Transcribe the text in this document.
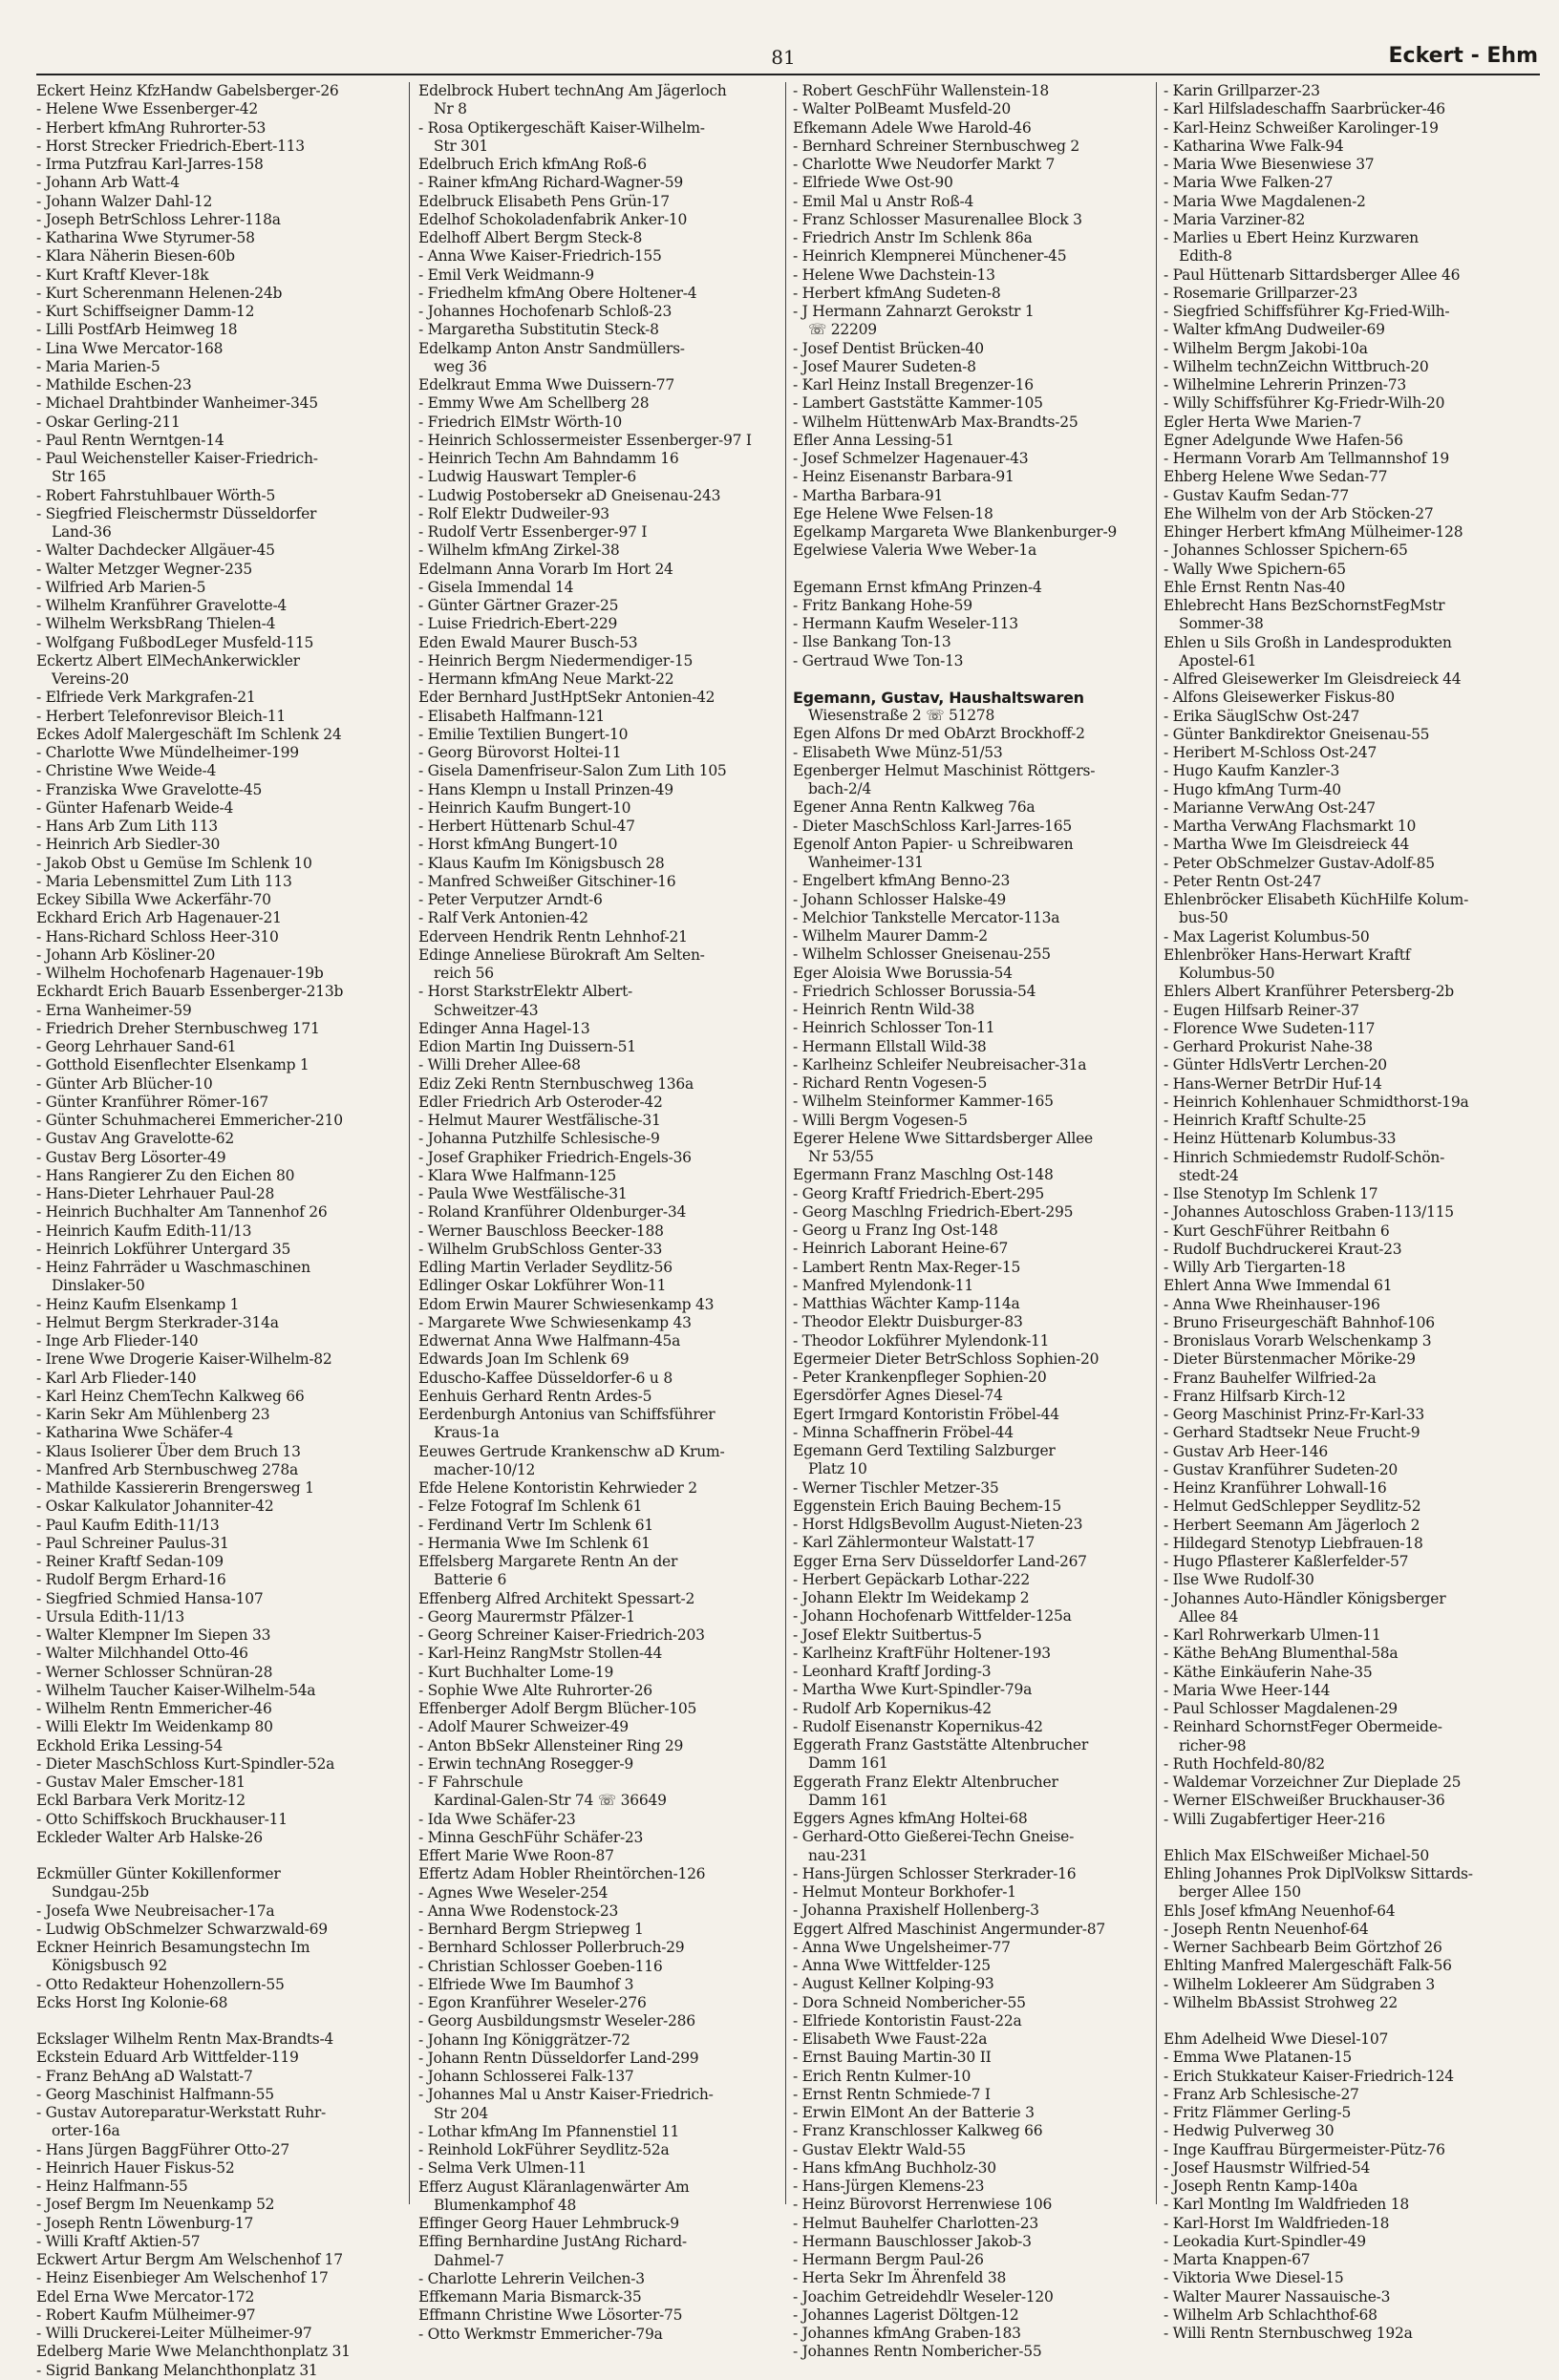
81	Eckert - Ehm
Eckert Heinz KfzHandw Gabelsberger-26
- Helene Wwe Essenberger-42
- Herbert kfmAng Ruhrorter-53
- Horst Strecker Friedrich-Ebert-113
- Irma Putzfrau Karl-Jarres-158
- Johann Arb Watt-4
- Johann Walzer Dahl-12
- Joseph BetrSchloss Lehrer-118a
- Katharina Wwe Styrumer-58
- Klara Näherin Biesen-60b
- Kurt Kraftf Klever-18k
- Kurt Scherenmann Helenen-24b
- Kurt Schiffseigner Damm-12
- Lilli PostfArb Heimweg 18
- Lina Wwe Mercator-168
- Maria Marien-5
- Mathilde Eschen-23
- Michael Drahtbinder Wanheimer-345
- Oskar Gerling-211
- Paul Rentn Werntgen-14
- Paul Weichensteller Kaiser-Friedrich-
Str 165
- Robert Fahrstuhlbauer Wörth-5
- Siegfried Fleischermstr Düsseldorfer
Land-36
- Walter Dachdecker Allgäuer-45
- Walter Metzger Wegner-235
- Wilfried Arb Marien-5
- Wilhelm Kranführer Gravelotte-4
- Wilhelm WerksbRang Thielen-4
- Wolfgang FußbodLeger Musfeld-115
Eckertz Albert ElMechAnkerwickler
Vereins-20
- Elfriede Verk Markgrafen-21
- Herbert Telefonrevisor Bleich-11
Eckes Adolf Malergeschäft Im Schlenk 24
- Charlotte Wwe Mündelheimer-199
- Christine Wwe Weide-4
- Franziska Wwe Gravelotte-45
- Günter Hafenarb Weide-4
- Hans Arb Zum Lith 113
- Heinrich Arb Siedler-30
- Jakob Obst u Gemüse Im Schlenk 10
- Maria Lebensmittel Zum Lith 113
Eckey Sibilla Wwe Ackerfähr-70
Eckhard Erich Arb Hagenauer-21
- Hans-Richard Schloss Heer-310
- Johann Arb Kösliner-20
- Wilhelm Hochofenarb Hagenauer-19b
Eckhardt Erich Bauarb Essenberger-213b
- Erna Wanheimer-59
- Friedrich Dreher Sternbuschweg 171
- Georg Lehrhauer Sand-61
- Gotthold Eisenflechter Elsenkamp 1
- Günter Arb Blücher-10
- Günter Kranführer Römer-167
- Günter Schuhmacherei Emmericher-210
- Gustav Ang Gravelotte-62
- Gustav Berg Lösorter-49
- Hans Rangierer Zu den Eichen 80
- Hans-Dieter Lehrhauer Paul-28
- Heinrich Buchhalter Am Tannenhof 26
- Heinrich Kaufm Edith-11/13
- Heinrich Lokführer Untergard 35
- Heinz Fahrräder u Waschmaschinen
Dinslaker-50
- Heinz Kaufm Elsenkamp 1
- Helmut Bergm Sterkrader-314a
- Inge Arb Flieder-140
- Irene Wwe Drogerie Kaiser-Wilhelm-82
- Karl Arb Flieder-140
- Karl Heinz ChemTechn Kalkweg 66
- Karin Sekr Am Mühlenberg 23
- Katharina Wwe Schäfer-4
- Klaus Isolierer Über dem Bruch 13
- Manfred Arb Sternbuschweg 278a
- Mathilde Kassiererin Brengersweg 1
- Oskar Kalkulator Johanniter-42
- Paul Kaufm Edith-11/13
- Paul Schreiner Paulus-31
- Reiner Kraftf Sedan-109
- Rudolf Bergm Erhard-16
- Siegfried Schmied Hansa-107
- Ursula Edith-11/13
- Walter Klempner Im Siepen 33
- Walter Milchhandel Otto-46
- Werner Schlosser Schnüran-28
- Wilhelm Taucher Kaiser-Wilhelm-54a
- Wilhelm Rentn Emmericher-46
- Willi Elektr Im Weidenkamp 80
Eckhold Erika Lessing-54
- Dieter MaschSchloss Kurt-Spindler-52a
- Gustav Maler Emscher-181
Eckl Barbara Verk Moritz-12
- Otto Schiffskoch Bruckhauser-11
Eckleder Walter Arb Halske-26
Eckmüller Günter Kokillenformer
Sundgau-25b
- Josefa Wwe Neubreisacher-17a
- Ludwig ObSchmelzer Schwarzwald-69
Eckner Heinrich Besamungstechn Im
Königsbusch 92
- Otto Redakteur Hohenzollern-55
Ecks Horst Ing Kolonie-68
Eckslager Wilhelm Rentn Max-Brandts-4
Eckstein Eduard Arb Wittfelder-119
- Franz BehAng aD Walstatt-7
- Georg Maschinist Halfmann-55
- Gustav Autoreparatur-Werkstatt Ruhr-
orter-16a
- Hans Jürgen BaggFührer Otto-27
- Heinrich Hauer Fiskus-52
- Heinz Halfmann-55
- Josef Bergm Im Neuenkamp 52
- Joseph Rentn Löwenburg-17
- Willi Kraftf Aktien-57
Eckwert Artur Bergm Am Welschenhof 17
- Heinz Eisenbieger Am Welschenhof 17
Edel Erna Wwe Mercator-172
- Robert Kaufm Mülheimer-97
- Willi Druckerei-Leiter Mülheimer-97
Edelberg Marie Wwe Melanchthonplatz 31
- Sigrid Bankang Melanchthonplatz 31
Edelbrock Hubert technAng Am Jägerloch
Nr 8
- Rosa Optikergeschäft Kaiser-Wilhelm-
Str 301
Edelbruch Erich kfmAng Roß-6
- Rainer kfmAng Richard-Wagner-59
Edelbruck Elisabeth Pens Grün-17
Edelhof Schokoladenfabrik Anker-10
Edelhoff Albert Bergm Steck-8
- Anna Wwe Kaiser-Friedrich-155
- Emil Verk Weidmann-9
- Friedhelm kfmAng Obere Holtener-4
- Johannes Hochofenarb Schloß-23
- Margaretha Substitutin Steck-8
Edelkamp Anton Anstr Sandmüllers-
weg 36
Edelkraut Emma Wwe Duissern-77
- Emmy Wwe Am Schellberg 28
- Friedrich ElMstr Wörth-10
- Heinrich Schlossermeister Essenberger-97 I
- Heinrich Techn Am Bahndamm 16
- Ludwig Hauswart Templer-6
- Ludwig Postobersekr aD Gneisenau-243
- Rolf Elektr Dudweiler-93
- Rudolf Vertr Essenberger-97 I
- Wilhelm kfmAng Zirkel-38
Edelmann Anna Vorarb Im Hort 24
- Gisela Immendal 14
- Günter Gärtner Grazer-25
- Luise Friedrich-Ebert-229
Eden Ewald Maurer Busch-53
- Heinrich Bergm Niedermendiger-15
- Hermann kfmAng Neue Markt-22
Eder Bernhard JustHptSekr Antonien-42
- Elisabeth Halfmann-121
- Emilie Textilien Bungert-10
- Georg Bürovorst Holtei-11
- Gisela Damenfriseur-Salon Zum Lith 105
- Hans Klempn u Install Prinzen-49
- Heinrich Kaufm Bungert-10
- Herbert Hüttenarb Schul-47
- Horst kfmAng Bungert-10
- Klaus Kaufm Im Königsbusch 28
- Manfred Schweißer Gitschiner-16
- Peter Verputzer Arndt-6
- Ralf Verk Antonien-42
Ederveen Hendrik Rentn Lehnhof-21
Edinge Anneliese Bürokraft Am Selten-
reich 56
- Horst StarkstrElektr Albert-
Schweitzer-43
Edinger Anna Hagel-13
Edion Martin Ing Duissern-51
- Willi Dreher Allee-68
Ediz Zeki Rentn Sternbuschweg 136a
Edler Friedrich Arb Osteroder-42
- Helmut Maurer Westfälische-31
- Johanna Putzhilfe Schlesische-9
- Josef Graphiker Friedrich-Engels-36
- Klara Wwe Halfmann-125
- Paula Wwe Westfälische-31
- Roland Kranführer Oldenburger-34
- Werner Bauschloss Beecker-188
- Wilhelm GrubSchloss Genter-33
Edling Martin Verlader Seydlitz-56
Edlinger Oskar Lokführer Won-11
Edom Erwin Maurer Schwiesenkamp 43
- Margarete Wwe Schwiesenkamp 43
Edwernat Anna Wwe Halfmann-45a
Edwards Joan Im Schlenk 69
Eduscho-Kaffee Düsseldorfer-6 u 8
Eenhuis Gerhard Rentn Ardes-5
Eerdenburgh Antonius van Schiffsführer
Kraus-1a
Eeuwes Gertrude Krankenschw aD Krum-
macher-10/12
Efde Helene Kontoristin Kehrwieder 2
- Felze Fotograf Im Schlenk 61
- Ferdinand Vertr Im Schlenk 61
- Hermania Wwe Im Schlenk 61
Effelsberg Margarete Rentn An der
Batterie 6
Effenberg Alfred Architekt Spessart-2
- Georg Maurermstr Pfälzer-1
- Georg Schreiner Kaiser-Friedrich-203
- Karl-Heinz RangMstr Stollen-44
- Kurt Buchhalter Lome-19
- Sophie Wwe Alte Ruhrorter-26
Effenberger Adolf Bergm Blücher-105
- Adolf Maurer Schweizer-49
- Anton BbSekr Allensteiner Ring 29
- Erwin technAng Rosegger-9
- F Fahrschule
Kardinal-Galen-Str 74 ☏ 36649
- Ida Wwe Schäfer-23
- Minna GeschFühr Schäfer-23
Effert Marie Wwe Roon-87
Effertz Adam Hobler Rheintörchen-126
- Agnes Wwe Weseler-254
- Anna Wwe Rodenstock-23
- Bernhard Bergm Striepweg 1
- Bernhard Schlosser Pollerbruch-29
- Christian Schlosser Goeben-116
- Elfriede Wwe Im Baumhof 3
- Egon Kranführer Weseler-276
- Georg Ausbildungsmstr Weseler-286
- Johann Ing Königgrätzer-72
- Johann Rentn Düsseldorfer Land-299
- Johann Schlosserei Falk-137
- Johannes Mal u Anstr Kaiser-Friedrich-
Str 204
- Lothar kfmAng Im Pfannenstiel 11
- Reinhold LokFührer Seydlitz-52a
- Selma Verk Ulmen-11
Efferz August Kläranlagenwärter Am
Blumenkamphof 48
Effinger Georg Hauer Lehmbruck-9
Effing Bernhardine JustAng Richard-
Dahmel-7
- Charlotte Lehrerin Veilchen-3
Effkemann Maria Bismarck-35
Effmann Christine Wwe Lösorter-75
- Otto Werkmstr Emmericher-79a
- Robert GeschFühr Wallenstein-18
- Walter PolBeamt Musfeld-20
Efkemann Adele Wwe Harold-46
- Bernhard Schreiner Sternbuschweg 2
- Charlotte Wwe Neudorfer Markt 7
- Elfriede Wwe Ost-90
- Emil Mal u Anstr Roß-4
- Franz Schlosser Masurenallee Block 3
- Friedrich Anstr Im Schlenk 86a
- Heinrich Klempnerei Münchener-45
- Helene Wwe Dachstein-13
- Herbert kfmAng Sudeten-8
- J Hermann Zahnarzt Gerokstr 1
☏ 22209
- Josef Dentist Brücken-40
- Josef Maurer Sudeten-8
- Karl Heinz Install Bregenzer-16
- Lambert Gaststätte Kammer-105
- Wilhelm HüttenwArb Max-Brandts-25
Efler Anna Lessing-51
- Josef Schmelzer Hagenauer-43
- Heinz Eisenanstr Barbara-91
- Martha Barbara-91
Ege Helene Wwe Felsen-18
Egelkamp Margareta Wwe Blankenburger-9
Egelwiese Valeria Wwe Weber-1a
Egemann Ernst kfmAng Prinzen-4
- Fritz Bankang Hohe-59
- Hermann Kaufm Weseler-113
- Ilse Bankang Ton-13
- Gertraud Wwe Ton-13
Egemann, Gustav, Haushaltswaren
Wiesenstraße 2 ☏ 51278
Egen Alfons Dr med ObArzt Brockhoff-2
- Elisabeth Wwe Münz-51/53
Egenberger Helmut Maschinist Röttgers-
bach-2/4
Egener Anna Rentn Kalkweg 76a
- Dieter MaschSchloss Karl-Jarres-165
Egenolf Anton Papier- u Schreibwaren
Wanheimer-131
- Engelbert kfmAng Benno-23
- Johann Schlosser Halske-49
- Melchior Tankstelle Mercator-113a
- Wilhelm Maurer Damm-2
- Wilhelm Schlosser Gneisenau-255
Eger Aloisia Wwe Borussia-54
- Friedrich Schlosser Borussia-54
- Heinrich Rentn Wild-38
- Heinrich Schlosser Ton-11
- Hermann Ellstall Wild-38
- Karlheinz Schleifer Neubreisacher-31a
- Richard Rentn Vogesen-5
- Wilhelm Steinformer Kammer-165
- Willi Bergm Vogesen-5
Egerer Helene Wwe Sittardsberger Allee
Nr 53/55
Egermann Franz Maschlng Ost-148
- Georg Kraftf Friedrich-Ebert-295
- Georg Maschlng Friedrich-Ebert-295
- Georg u Franz Ing Ost-148
- Heinrich Laborant Heine-67
- Lambert Rentn Max-Reger-15
- Manfred Mylendonk-11
- Matthias Wächter Kamp-114a
- Theodor Elektr Duisburger-83
- Theodor Lokführer Mylendonk-11
Egermeier Dieter BetrSchloss Sophien-20
- Peter Krankenpfleger Sophien-20
Egersdörfer Agnes Diesel-74
Egert Irmgard Kontoristin Fröbel-44
- Minna Schaffnerin Fröbel-44
Egemann Gerd Textiling Salzburger
Platz 10
- Werner Tischler Metzer-35
Eggenstein Erich Bauing Bechem-15
- Horst HdlgsBevollm August-Nieten-23
- Karl Zählermonteur Walstatt-17
Egger Erna Serv Düsseldorfer Land-267
- Herbert Gepäckarb Lothar-222
- Johann Elektr Im Weidekamp 2
- Johann Hochofenarb Wittfelder-125a
- Josef Elektr Suitbertus-5
- Karlheinz KraftFühr Holtener-193
- Leonhard Kraftf Jording-3
- Martha Wwe Kurt-Spindler-79a
- Rudolf Arb Kopernikus-42
- Rudolf Eisenanstr Kopernikus-42
Eggerath Franz Gaststätte Altenbrucher
Damm 161
Eggerath Franz Elektr Altenbrucher
Damm 161
Eggers Agnes kfmAng Holtei-68
- Gerhard-Otto Gießerei-Techn Gneise-
nau-231
- Hans-Jürgen Schlosser Sterkrader-16
- Helmut Monteur Borkhofer-1
- Johanna Praxishelf Hollenberg-3
Eggert Alfred Maschinist Angermunder-87
- Anna Wwe Ungelsheimer-77
- Anna Wwe Wittfelder-125
- August Kellner Kolping-93
- Dora Schneid Nombericher-55
- Elfriede Kontoristin Faust-22a
- Elisabeth Wwe Faust-22a
- Ernst Bauing Martin-30 II
- Erich Rentn Kulmer-10
- Ernst Rentn Schmiede-7 I
- Erwin ElMont An der Batterie 3
- Franz Kranschlosser Kalkweg 66
- Gustav Elektr Wald-55
- Hans kfmAng Buchholz-30
- Hans-Jürgen Klemens-23
- Heinz Bürovorst Herrenwiese 106
- Helmut Bauhelfer Charlotten-23
- Hermann Bauschlosser Jakob-3
- Hermann Bergm Paul-26
- Herta Sekr Im Ährenfeld 38
- Joachim Getreidehdlr Weseler-120
- Johannes Lagerist Döltgen-12
- Johannes kfmAng Graben-183
- Johannes Rentn Nombericher-55
- Karin Grillparzer-23
- Karl Hilfsladeschaffn Saarbrücker-46
- Karl-Heinz Schweißer Karolinger-19
- Katharina Wwe Falk-94
- Maria Wwe Biesenwiese 37
- Maria Wwe Falken-27
- Maria Wwe Magdalenen-2
- Maria Varziner-82
- Marlies u Ebert Heinz Kurzwaren
Edith-8
- Paul Hüttenarb Sittardsberger Allee 46
- Rosemarie Grillparzer-23
- Siegfried Schiffsführer Kg-Fried-Wilh-
- Walter kfmAng Dudweiler-69
- Wilhelm Bergm Jakobi-10a
- Wilhelm technZeichn Wittbruch-20
- Wilhelmine Lehrerin Prinzen-73
- Willy Schiffsführer Kg-Friedr-Wilh-20
Egler Herta Wwe Marien-7
Egner Adelgunde Wwe Hafen-56
- Hermann Vorarb Am Tellmannshof 19
Ehberg Helene Wwe Sedan-77
- Gustav Kaufm Sedan-77
Ehe Wilhelm von der Arb Stöcken-27
Ehinger Herbert kfmAng Mülheimer-128
- Johannes Schlosser Spichern-65
- Wally Wwe Spichern-65
Ehle Ernst Rentn Nas-40
Ehlebrecht Hans BezSchornstFegMstr
Sommer-38
Ehlen u Sils Großh in Landesprodukten
Apostel-61
- Alfred Gleisewerker Im Gleisdreieck 44
- Alfons Gleisewerker Fiskus-80
- Erika SäuglSchw Ost-247
- Günter Bankdirektor Gneisenau-55
- Heribert M-Schloss Ost-247
- Hugo Kaufm Kanzler-3
- Hugo kfmAng Turm-40
- Marianne VerwAng Ost-247
- Martha VerwAng Flachsmarkt 10
- Martha Wwe Im Gleisdreieck 44
- Peter ObSchmelzer Gustav-Adolf-85
- Peter Rentn Ost-247
Ehlenbröcker Elisabeth KüchHilfe Kolum-
bus-50
- Max Lagerist Kolumbus-50
Ehlenbröker Hans-Herwart Kraftf
Kolumbus-50
Ehlers Albert Kranführer Petersberg-2b
- Eugen Hilfsarb Reiner-37
- Florence Wwe Sudeten-117
- Gerhard Prokurist Nahe-38
- Günter HdlsVertr Lerchen-20
- Hans-Werner BetrDir Huf-14
- Heinrich Kohlenhauer Schmidthorst-19a
- Heinrich Kraftf Schulte-25
- Heinz Hüttenarb Kolumbus-33
- Hinrich Schmiedemstr Rudolf-Schön-
stedt-24
- Ilse Stenotyp Im Schlenk 17
- Johannes Autoschloss Graben-113/115
- Kurt GeschFührer Reitbahn 6
- Rudolf Buchdruckerei Kraut-23
- Willy Arb Tiergarten-18
Ehlert Anna Wwe Immendal 61
- Anna Wwe Rheinhauser-196
- Bruno Friseurgeschäft Bahnhof-106
- Bronislaus Vorarb Welschenkamp 3
- Dieter Bürstenmacher Mörike-29
- Franz Bauhelfer Wilfried-2a
- Franz Hilfsarb Kirch-12
- Georg Maschinist Prinz-Fr-Karl-33
- Gerhard Stadtsekr Neue Frucht-9
- Gustav Arb Heer-146
- Gustav Kranführer Sudeten-20
- Heinz Kranführer Lohwall-16
- Helmut GedSchlepper Seydlitz-52
- Herbert Seemann Am Jägerloch 2
- Hildegard Stenotyp Liebfrauen-18
- Hugo Pflasterer Kaßlerfelder-57
- Ilse Wwe Rudolf-30
- Johannes Auto-Händler Königsberger
Allee 84
- Karl Rohrwerkarb Ulmen-11
- Käthe BehAng Blumenthal-58a
- Käthe Einkäuferin Nahe-35
- Maria Wwe Heer-144
- Paul Schlosser Magdalenen-29
- Reinhard SchornstFeger Obermeide-
richer-98
- Ruth Hochfeld-80/82
- Waldemar Vorzeichner Zur Dieplade 25
- Werner ElSchweißer Bruckhauser-36
- Willi Zugabfertiger Heer-216
Ehlich Max ElSchweißer Michael-50
Ehling Johannes Prok DiplVolksw Sittards-
berger Allee 150
Ehls Josef kfmAng Neuenhof-64
- Joseph Rentn Neuenhof-64
- Werner Sachbearb Beim Görtzhof 26
Ehlting Manfred Malergeschäft Falk-56
- Wilhelm Lokleerer Am Südgraben 3
- Wilhelm BbAssist Strohweg 22
Ehm Adelheid Wwe Diesel-107
- Emma Wwe Platanen-15
- Erich Stukkateur Kaiser-Friedrich-124
- Franz Arb Schlesische-27
- Fritz Flämmer Gerling-5
- Hedwig Pulverweg 30
- Inge Kauffrau Bürgermeister-Pütz-76
- Josef Hausmstr Wilfried-54
- Joseph Rentn Kamp-140a
- Karl Montlng Im Waldfrieden 18
- Karl-Horst Im Waldfrieden-18
- Leokadia Kurt-Spindler-49
- Marta Knappen-67
- Viktoria Wwe Diesel-15
- Walter Maurer Nassauische-3
- Wilhelm Arb Schlachthof-68
- Willi Rentn Sternbuschweg 192a
